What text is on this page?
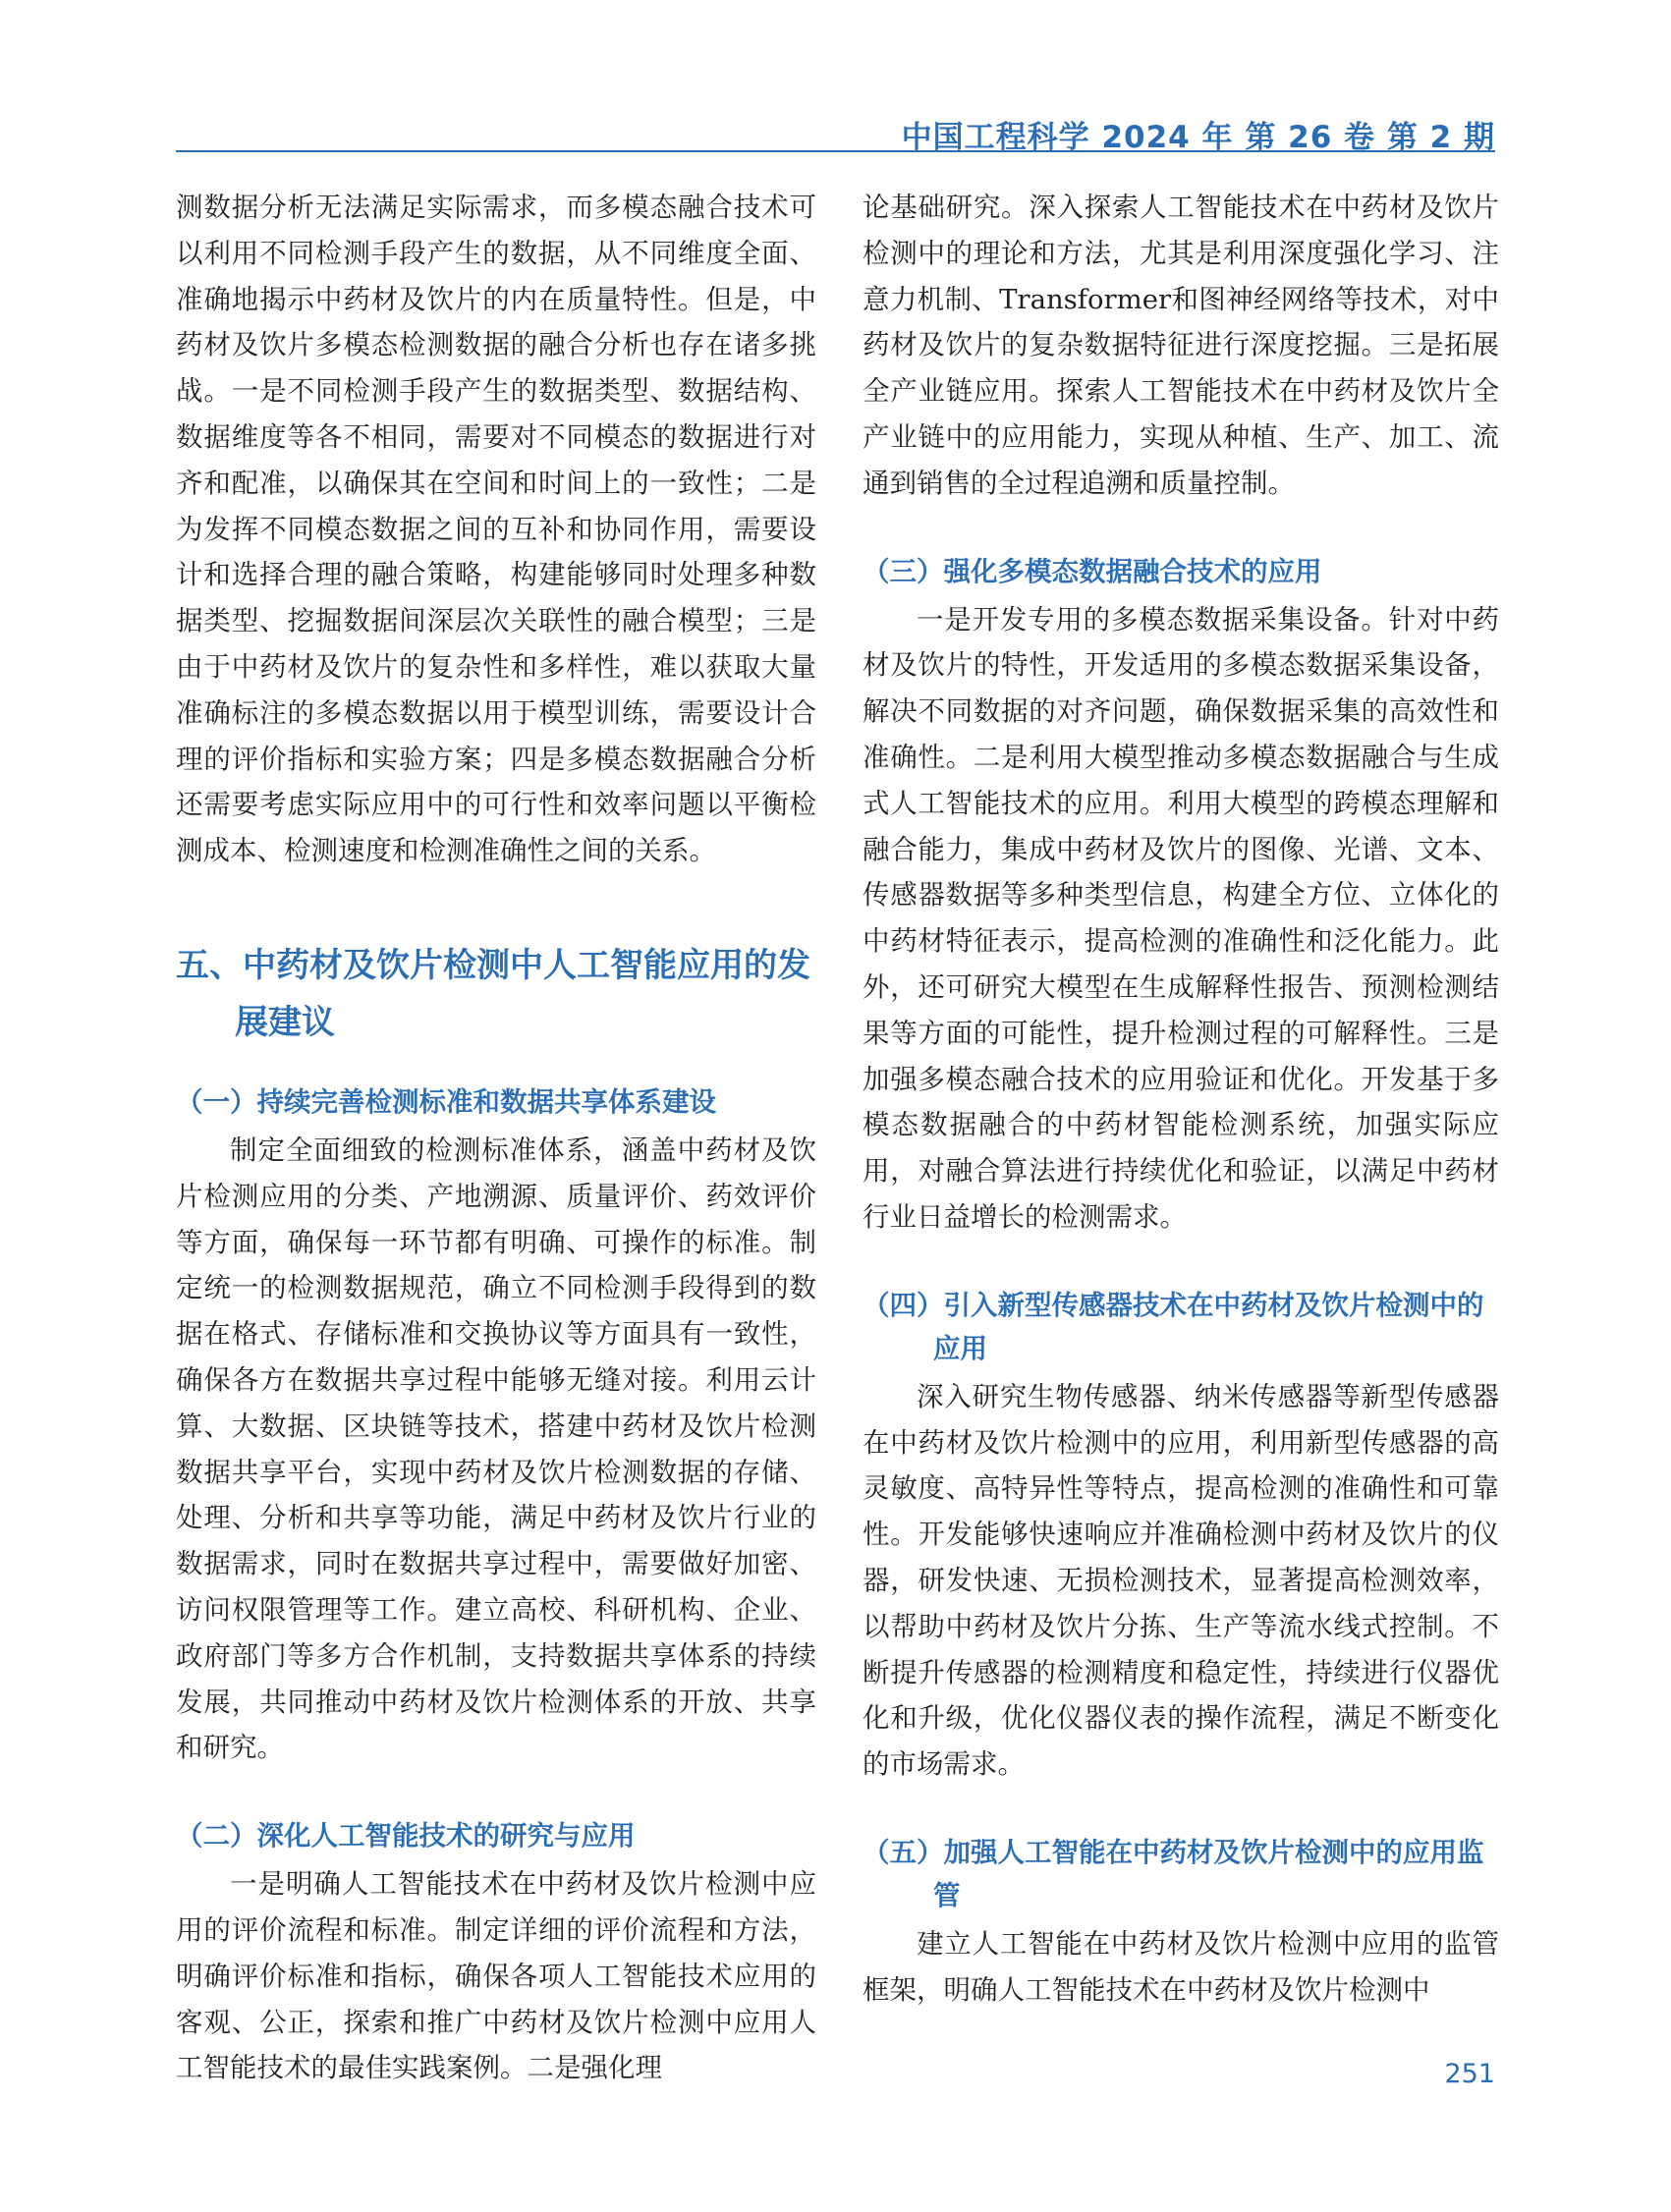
中国工程科学 2024 年 第 26 卷 第 2 期

测数据分析无法满足实际需求，而多模态融合技术可以利用不同检测手段产生的数据，从不同维度全面、准确地揭示中药材及饮片的内在质量特性。但是，中药材及饮片多模态检测数据的融合分析也存在诸多挑战。一是不同检测手段产生的数据类型、数据结构、数据维度等各不相同，需要对不同模态的数据进行对齐和配准，以确保其在空间和时间上的一致性；二是为发挥不同模态数据之间的互补和协同作用，需要设计和选择合理的融合策略，构建能够同时处理多种数据类型、挖掘数据间深层次关联性的融合模型；三是由于中药材及饮片的复杂性和多样性，难以获取大量准确标注的多模态数据以用于模型训练，需要设计合理的评价指标和实验方案；四是多模态数据融合分析还需要考虑实际应用中的可行性和效率问题以平衡检测成本、检测速度和检测准确性之间的关系。

五、中药材及饮片检测中人工智能应用的发展建议
（一）持续完善检测标准和数据共享体系建设

制定全面细致的检测标准体系，涵盖中药材及饮片检测应用的分类、产地溯源、质量评价、药效评价等方面，确保每一环节都有明确、可操作的标准。制定统一的检测数据规范，确立不同检测手段得到的数据在格式、存储标准和交换协议等方面具有一致性，确保各方在数据共享过程中能够无缝对接。利用云计算、大数据、区块链等技术，搭建中药材及饮片检测数据共享平台，实现中药材及饮片检测数据的存储、处理、分析和共享等功能，满足中药材及饮片行业的数据需求，同时在数据共享过程中，需要做好加密、访问权限管理等工作。建立高校、科研机构、企业、政府部门等多方合作机制，支持数据共享体系的持续发展，共同推动中药材及饮片检测体系的开放、共享和研究。

（二）深化人工智能技术的研究与应用

一是明确人工智能技术在中药材及饮片检测中应用的评价流程和标准。制定详细的评价流程和方法，明确评价标准和指标，确保各项人工智能技术应用的客观、公正，探索和推广中药材及饮片检测中应用人工智能技术的最佳实践案例。二是强化理

论基础研究。深入探索人工智能技术在中药材及饮片检测中的理论和方法，尤其是利用深度强化学习、注意力机制、Transformer和图神经网络等技术，对中药材及饮片的复杂数据特征进行深度挖掘。三是拓展全产业链应用。探索人工智能技术在中药材及饮片全产业链中的应用能力，实现从种植、生产、加工、流通到销售的全过程追溯和质量控制。

（三）强化多模态数据融合技术的应用

一是开发专用的多模态数据采集设备。针对中药材及饮片的特性，开发适用的多模态数据采集设备，解决不同数据的对齐问题，确保数据采集的高效性和准确性。二是利用大模型推动多模态数据融合与生成式人工智能技术的应用。利用大模型的跨模态理解和融合能力，集成中药材及饮片的图像、光谱、文本、传感器数据等多种类型信息，构建全方位、立体化的中药材特征表示，提高检测的准确性和泛化能力。此外，还可研究大模型在生成解释性报告、预测检测结果等方面的可能性，提升检测过程的可解释性。三是加强多模态融合技术的应用验证和优化。开发基于多模态数据融合的中药材智能检测系统，加强实际应用，对融合算法进行持续优化和验证，以满足中药材行业日益增长的检测需求。

（四）引入新型传感器技术在中药材及饮片检测中的应用

深入研究生物传感器、纳米传感器等新型传感器在中药材及饮片检测中的应用，利用新型传感器的高灵敏度、高特异性等特点，提高检测的准确性和可靠性。开发能够快速响应并准确检测中药材及饮片的仪器，研发快速、无损检测技术，显著提高检测效率，以帮助中药材及饮片分拣、生产等流水线式控制。不断提升传感器的检测精度和稳定性，持续进行仪器优化和升级，优化仪器仪表的操作流程，满足不断变化的市场需求。

（五）加强人工智能在中药材及饮片检测中的应用监管

建立人工智能在中药材及饮片检测中应用的监管框架，明确人工智能技术在中药材及饮片检测中

251
